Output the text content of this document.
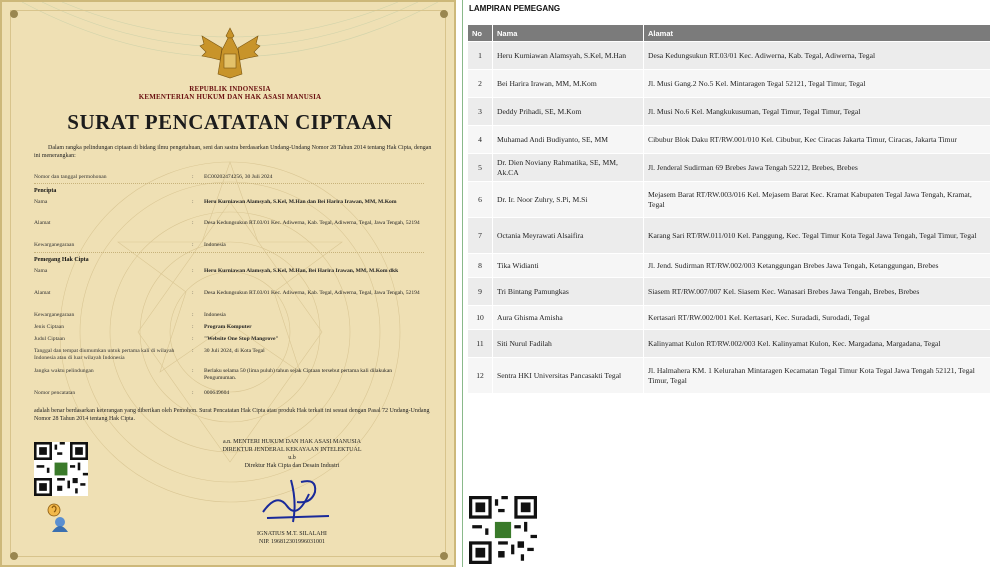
REPUBLIK INDONESIA
KEMENTERIAN HUKUM DAN HAK ASASI MANUSIA
SURAT PENCATATAN CIPTAAN
Dalam rangka pelindungan ciptaan di bidang ilmu pengetahuan, seni dan sastra berdasarkan Undang-Undang Nomor 28 Tahun 2014 tentang Hak Cipta, dengan ini menerangkan:
Nomor dan tanggal permohonan	: EC00202474256, 30 Juli 2024
Pencipta
Nama	: Heru Kurniawan Alamsyah, S.Kel, M.Han dan Bei Harira Irawan, MM, M.Kom
Alamat	: Desa Kedungsukun RT.03/01 Kec. Adiwerna, Kab. Tegal, Adiwerna, Tegal, Jawa Tengah, 52194
Kewarganegaraan	: Indonesia
Pemegang Hak Cipta
Nama	: Heru Kurniawan Alamsyah, S.Kel, M.Han, Bei Harira Irawan, MM, M.Kom dkk
Alamat	: Desa Kedungsukun RT.03/01 Kec. Adiwerna, Kab. Tegal, Adiwerna, Tegal, Jawa Tengah, 52194
Kewarganegaraan	: Indonesia
Jenis Ciptaan	: Program Komputer
Judul Ciptaan	: "Website One Stop Mangrove"
Tanggal dan tempat diumumkan untuk pertama kali di wilayah Indonesia atau di luar wilayah Indonesia
: 30 Juli 2024, di Kota Tegal
Jangka waktu pelindungan	: Berlaku selama 50 (lima puluh) tahun sejak Ciptaan tersebut pertama kali dilakukan Pengumuman.
Nomor pencatatan	: 000649604
adalah benar berdasarkan keterangan yang diberikan oleh Pemohon. Surat Pencatatan Hak Cipta atau produk Hak terkait ini sesuai dengan Pasal 72 Undang-Undang Nomor 28 Tahun 2014 tentang Hak Cipta.
a.n. MENTERI HUKUM DAN HAK ASASI MANUSIA
DIREKTUR JENDERAL KEKAYAAN INTELEKTUAL
u.b
Direktur Hak Cipta dan Desain Industri
IGNATIUS M.T. SILALAHI
NIP. 196812301996031001
LAMPIRAN PEMEGANG
No	Nama	Alamat
1	Heru Kurniawan Alamsyah, S.Kel, M.Han	Desa Kedungsukun RT.03/01 Kec. Adiwerna, Kab. Tegal, Adiwerna, Tegal
2	Bei Harira Irawan, MM, M.Kom	Jl. Musi Gang.2 No.5 Kel. Mintaragen Tegal 52121, Tegal Timur, Tegal
3	Deddy Prihadi, SE, M.Kom	Jl. Musi No.6 Kel. Mangkukusuman, Tegal Timur, Tegal Timur, Tegal
4	Muhamad Andi Budiyanto, SE, MM	Cibubur Blok Daku RT/RW.001/010 Kel. Cibubur, Kec Ciracas Jakarta Timur, Ciracas, Jakarta Timur
5	Dr. Dien Noviany Rahmatika, SE, MM, Ak.CA	Jl. Jenderal Sudirman 69 Brebes Jawa Tengah 52212, Brebes, Brebes
6	Dr. Ir. Noor Zuhry, S.Pi, M.Si	Mejasem Barat RT/RW.003/016 Kel. Mejasem Barat Kec. Kramat Kabupaten Tegal Jawa Tengah, Kramat, Tegal
7	Octania Meyrawati Alsaifira	Karang Sari RT/RW.011/010 Kel. Panggung, Kec. Tegal Timur Kota Tegal Jawa Tengah, Tegal Timur, Tegal
8	Tika Widianti	Jl. Jend. Sudirman RT/RW.002/003 Ketanggungan Brebes Jawa Tengah, Ketanggungan, Brebes
9	Tri Bintang Pamungkas	Siasem RT/RW.007/007 Kel. Siasem Kec. Wanasari Brebes Jawa Tengah, Brebes, Brebes
10	Aura Ghisma Amisha	Kertasari RT/RW.002/001 Kel. Kertasari, Kec. Suradadi, Surodadi, Tegal
11	Siti Nurul Fadilah	Kalinyamat Kulon RT/RW.002/003 Kel. Kalinyamat Kulon, Kec. Margadana, Margadana, Tegal
12	Sentra HKI Universitas Pancasakti Tegal	Jl. Halmahera KM. 1 Kelurahan Mintaragen Kecamatan Tegal Timur Kota Tegal Jawa Tengah 52121, Tegal Timur, Tegal
